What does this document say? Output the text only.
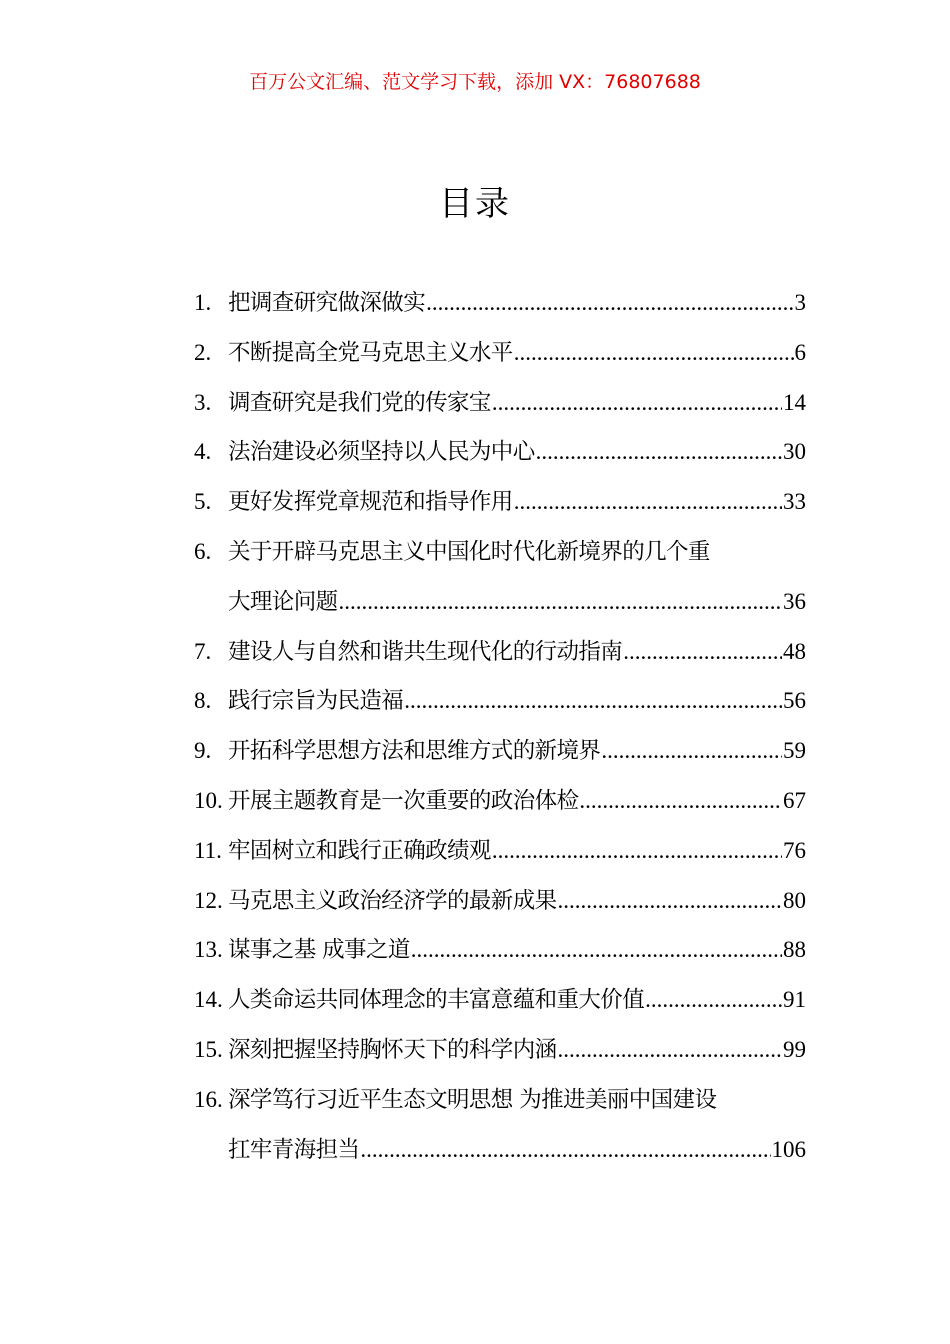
百万公文汇编、范文学习下载，添加 VX：76807688
目录
1. 把调查研究做深做实 .....	3
2. 不断提高全党马克思主义水平 .....	6
3. 调查研究是我们党的传家宝 .....	14
4. 法治建设必须坚持以人民为中心 .....	30
5. 更好发挥党章规范和指导作用 .....	33
6. 关于开辟马克思主义中国化时代化新境界的几个重
大理论问题 .....	36
7. 建设人与自然和谐共生现代化的行动指南 .....	48
8. 践行宗旨为民造福 .....	56
9. 开拓科学思想方法和思维方式的新境界 .....	59
10. 开展主题教育是一次重要的政治体检 .....	67
11. 牢固树立和践行正确政绩观 .....	76
12. 马克思主义政治经济学的最新成果 .....	80
13. 谋事之基 成事之道 .....	88
14. 人类命运共同体理念的丰富意蕴和重大价值 .....	91
15. 深刻把握坚持胸怀天下的科学内涵 .....	99
16. 深学笃行习近平生态文明思想 为推进美丽中国建设
扛牢青海担当 .....	106
